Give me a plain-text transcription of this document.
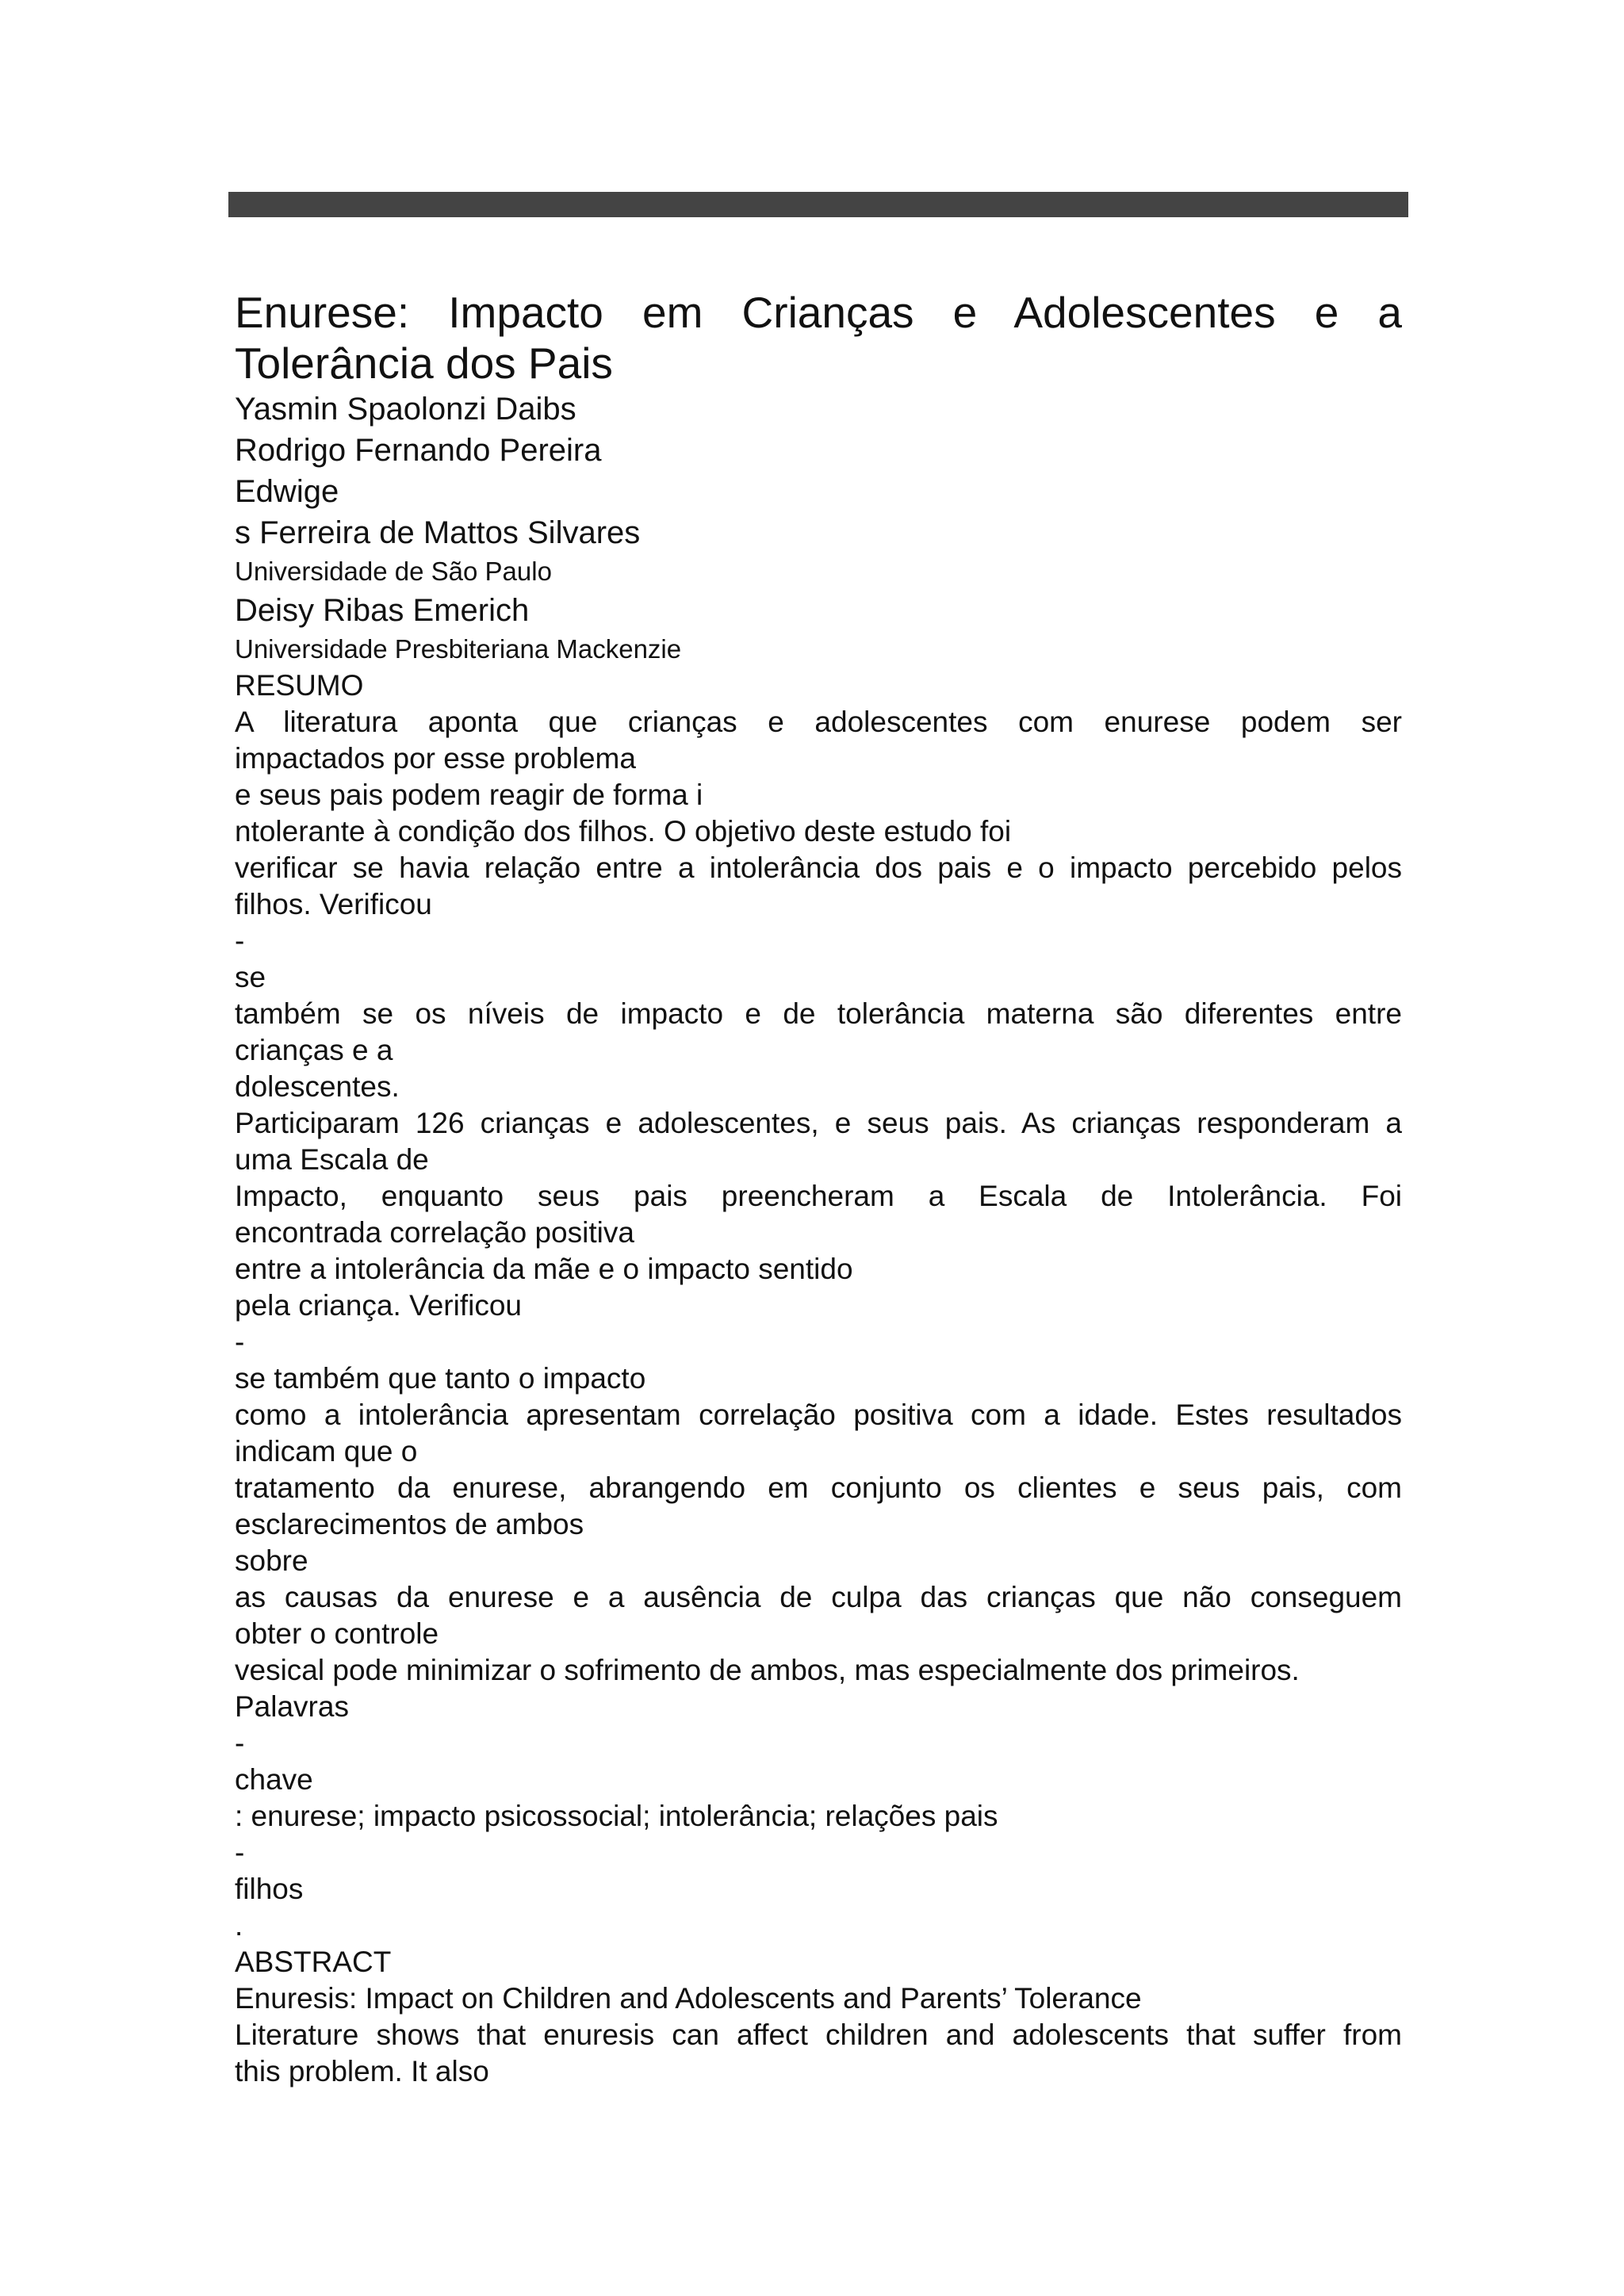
Enurese: Impacto em Crianças e Adolescentes e a
Tolerância dos Pais

Yasmin Spaolonzi Daibs

Rodrigo Fernando Pereira

Edwige

s Ferreira de Mattos Silvares

Universidade de São Paulo

Deisy Ribas Emerich

Universidade Presbiteriana Mackenzie

RESUMO

A literatura aponta que crianças e adolescentes com enurese podem ser

impactados por esse problema

e seus pais podem reagir de forma i

ntolerante à condição dos filhos. O objetivo deste estudo foi

verificar se havia relação entre a intolerância dos pais e o impacto percebido pelos

filhos. Verificou

-

se

também se os níveis de impacto e de tolerância materna são diferentes entre

crianças e a

dolescentes.

Participaram 126 crianças e adolescentes, e seus pais. As crianças responderam a

uma Escala de

Impacto, enquanto seus pais preencheram a Escala de Intolerância. Foi

encontrada correlação positiva

entre a intolerância da mãe e o impacto sentido

pela criança. Verificou

-

se também que tanto o impacto

como a intolerância apresentam correlação positiva com a idade. Estes resultados

indicam que o

tratamento da enurese, abrangendo em conjunto os clientes e seus pais, com

esclarecimentos de ambos

sobre

as causas da enurese e a ausência de culpa das crianças que não conseguem

obter o controle

vesical pode minimizar o sofrimento de ambos, mas especialmente dos primeiros.

Palavras

-

chave

: enurese; impacto psicossocial; intolerância; relações pais

-

filhos

.

ABSTRACT

Enuresis: Impact on Children and Adolescents and Parents’ Tolerance

Literature shows that enuresis can affect children and adolescents that suffer from

this problem. It also
